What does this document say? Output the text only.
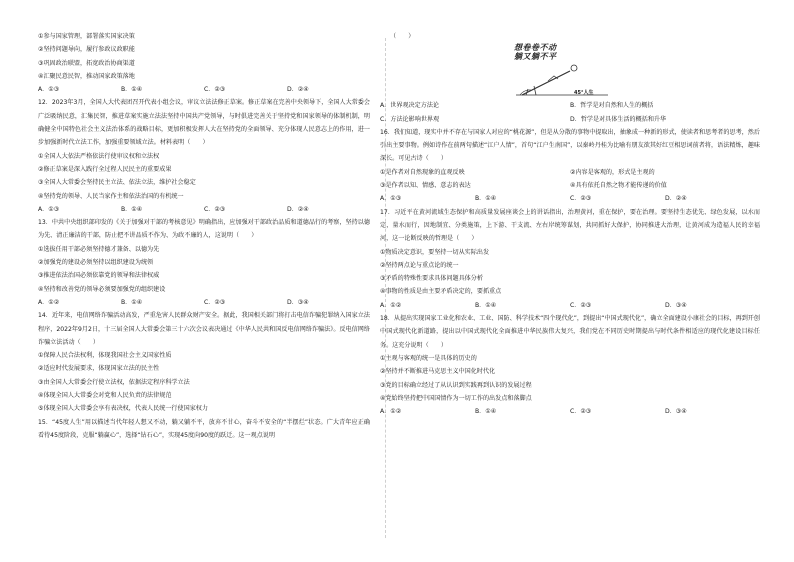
①参与国家管理，部署落实国家决策
②坚持问题导向，履行参政议政职能
③巩固政治联盟，拓宽政治协商渠道
④汇聚民意民智，推动国家政策落地
A．①③	B．①④	C．②③	D．②④
12．2023年3月，全国人大代表团召开代表小组会议，审议立法法修正草案。修正草案在完善中央领导下，全国人大常委会广泛吸纳民意，汇集民智，推进草案实施立法法坚持中国共产党领导，与时俱进完善关于坚持党和国家领导的体制机制，明确健全中国特色社会主义法治体系的战略目标，更加积极发挥人大在坚持党的全面领导、充分体现人民意志上的作用，进一步加强新时代立法工作，加强重要领域立法。材料表明（　　）
①全国人大依法严格依法行使审议权和立法权
②修正草案是深入践行全过程人民民主的重要成果
③全国人大常委会坚持民主立法、依法立法，维护社会稳定
④坚持党的领导、人民当家作主和依法治国的有机统一
A．①③	B．①④	C．②③	D．②④
13．中共中央组织部印发的《关于加强对干部的考核意见》明确指出，应加强对干部政治品质和道德品行的考察，坚持以德为先、清正廉洁的干部，防止把不讲品质不作为、为政不廉的人，这说明（　　）
①选拔任用干部必须坚持德才兼备、以德为先
②加强党的建设必须坚持以组织建设为统领
③推进依法治国必须依靠党的领导和法律权威
④坚持和改善党的领导必须要加强党的组织建设
A．①②	B．①④	C．②③	D．③④
14．近年来，电信网络诈骗活动高发，严重危害人民群众财产安全。据此，我国相关部门将打击电信诈骗犯罪纳入国家立法程序，2022年9月2日，十三届全国人大常委会第三十六次会议表决通过《中华人民共和国反电信网络诈骗法》。反电信网络诈骗立法活动（　　）
①保障人民合法权利，体现我国社会主义国家性质
②适应时代发展要求，体现国家立法的民主性
③由全国人大常委会行使立法权，依据法定程序科学立法
④体现全国人大常委会对党和人民负责的法律规范
⑤体现全国人大常委会享有表决权，代表人民统一行使国家权力
15．“45度人生”用以描述当代年轻人想又不动，躺又躺不平，放弃不甘心，奋斗不安全的“半摆烂”状态。广大青年应正确看待45度阶段，克服“躺赢心”，选择“钻石心”，实现45度向90度的跃迁。这一观点说明
（　　）
想卷卷不动
躺又躺不平
45°人生
A．世界观决定方法论	B．哲学是对自然和人生的概括
C．方法论影响世界观	D．哲学是对具体生活的概括和升华
16．我们知道，现实中并不存在与国家人对应的“桃花源”，但是从分散的事物中提取出，抽象成一种新的形式，使读者和思考者的思考，然后引出主要事物。例如诗作在前两句描述“江户人情”，首句“江户生南国”，以秦岭丹桂为比喻有朋友欲其好红豆相思词前者将，语法精炼，趣味深长。可见古诗（　　）
①是作者对自然现象的直观反映	②内容是客观的，形式是主观的
③是作者以知、情感、意志的表达	④具有依托自然之物才能传递的价值
A．①③	B．①④	C．②③	D．②④
17．习近平在黄河流域生态保护和高质量发展座谈会上的讲话指出，治理黄河，重在保护，要在治理。要坚持生态优先、绿色发展，以水而定，量水而行，因地制宜、分类施策，上下游、干支流、左右岸统筹谋划，共同抓好大保护，协同推进大治理，让黄河成为造福人民的幸福河，这一论断反映的哲理是（　　）
①物质决定意识，要坚持一切从实际出发
②坚持两点论与重点论的统一
③矛盾的特殊性要求具体问题具体分析
④事物的性质是由主要矛盾决定的，要抓重点
A．①②	B．①④	C．②③	D．③④
18．从提出实现国家工业化和农业、工业、国防、科学技术“四个现代化”，到提出“中国式现代化”，确立全面建设小康社会的目标，再到开创中国式现代化新道路，提出以中国式现代化全面推进中华民族伟大复兴，我们党在不同历史时期提出与时代条件相适应的现代化建设目标任务。这充分说明（　　）
①主观与客观的统一是具体的历史的
②坚持并不断推进马克思主义中国化时代化
③党的目标确立经过了从认识到实践再到认识的发展过程
④党始终坚持把中国国情作为一切工作的出发点和落脚点
A．①②	B．①④	C．②③	D．③④
